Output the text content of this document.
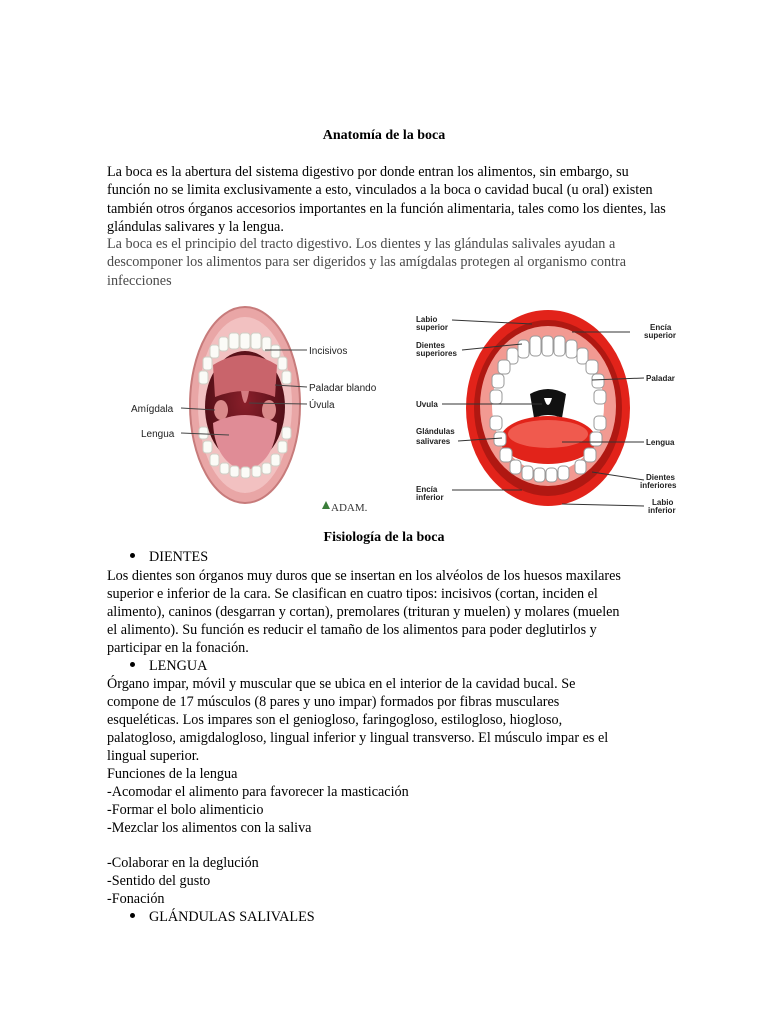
Anatomía de la boca

La boca es la abertura del sistema digestivo por donde entran los alimentos, sin embargo, su función no se limita exclusivamente a esto, vinculados a la boca o cavidad bucal (u oral) existen también otros órganos accesorios importantes en la función alimentaria, tales como los dientes, las glándulas salivares y la lengua.

La boca es el principio del tracto digestivo. Los dientes y las glándulas salivales ayudan a descomponer los alimentos para ser digeridos y las amígdalas protegen al organismo contra infecciones

Incisivos
Paladar blando
Úvula
Amígdala
Lengua
ADAM.
Labio
superior
Dientes
superiores
Encía
superior
Paladar
Uvula
Glándulas
salivares	Lengua
Dientes
inferiores
Encía
inferior
Labio
inferior
Fisiología de la boca
DIENTES
Los dientes son órganos muy duros que se insertan en los alvéolos de los huesos maxilares
superior e inferior de la cara. Se clasifican en cuatro tipos: incisivos (cortan, inciden el
alimento), caninos (desgarran y cortan), premolares (trituran y muelen) y molares (muelen
el alimento). Su función es reducir el tamaño de los alimentos para poder deglutirlos y
participar en la fonación.
LENGUA
Órgano impar, móvil y muscular que se ubica en el interior de la cavidad bucal. Se
compone de 17 músculos (8 pares y uno impar) formados por fibras musculares
esqueléticas. Los impares son el geniogloso, faringogloso, estilogloso, hiogloso,
palatogloso, amigdalogloso, lingual inferior y lingual transverso. El músculo impar es el
lingual superior.
Funciones de la lengua
-Acomodar el alimento para favorecer la masticación
-Formar el bolo alimenticio
-Mezclar los alimentos con la saliva
-Colaborar en la deglución
-Sentido del gusto
-Fonación
GLÁNDULAS SALIVALES
